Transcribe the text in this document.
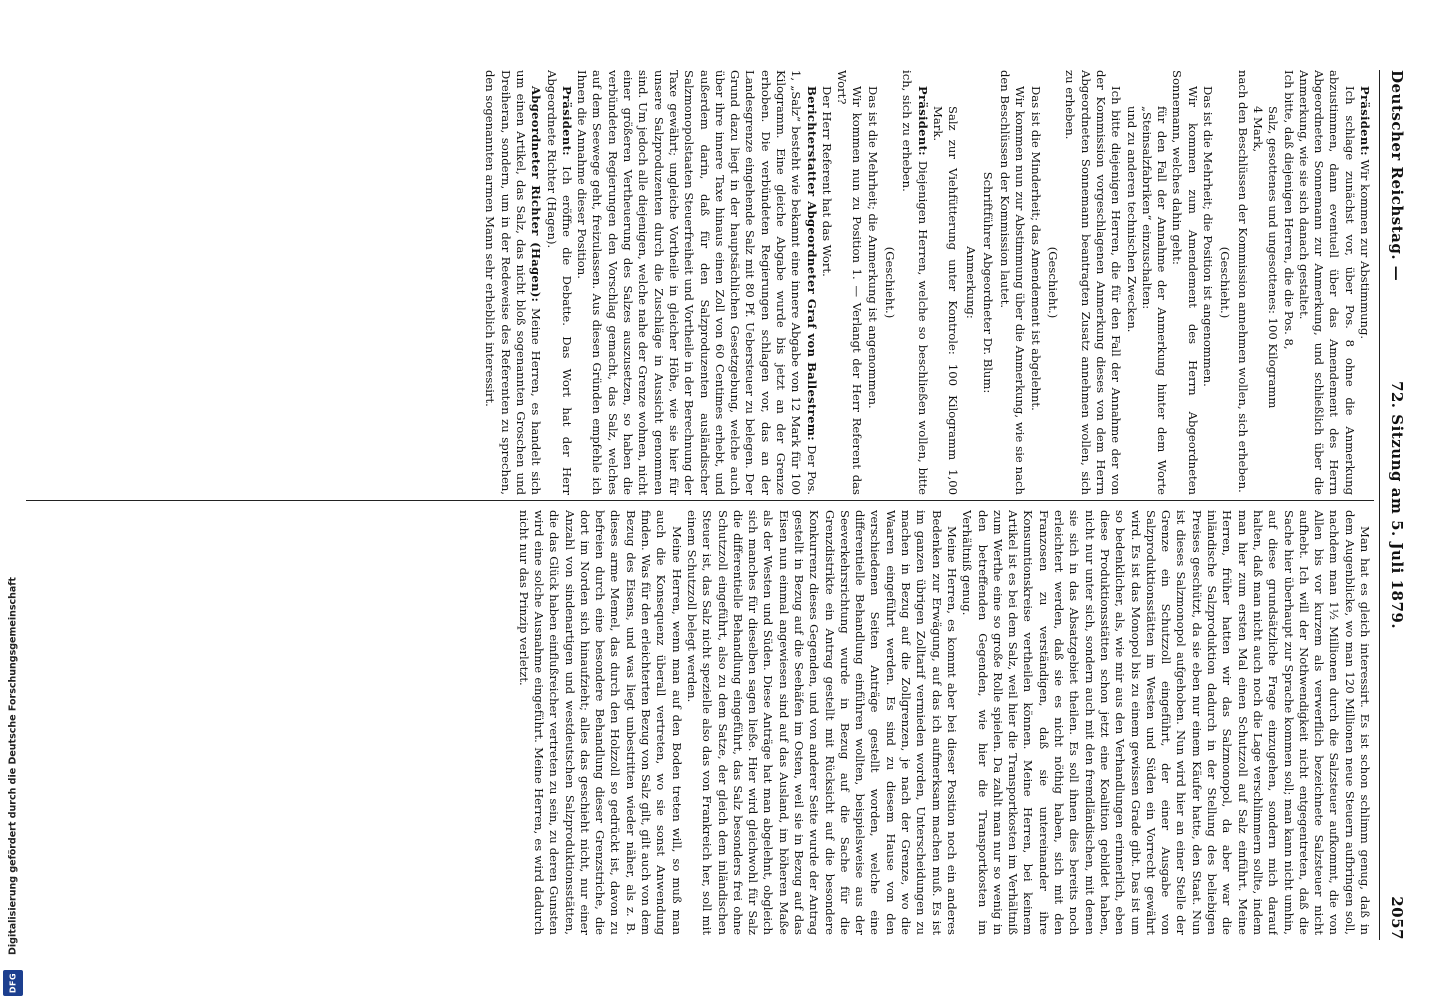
Deutscher Reichstag. —
72. Sitzung am 5. Juli 1879.
2057

Präsident: Wir kommen zur Abstimmung.

Ich schlage zunächst vor, über Pos. 8 ohne die Anmerkung abzustimmen, dann eventuell über das Amendement des Herrn Abgeordneten Sonnemann zur Anmerkung, und schließlich über die Anmerkung, wie sie sich danach gestaltet.

Ich bitte, daß diejenigen Herren, die die Pos. 8,

Salz, gesottenes und ungesottenes: 100 Kilogramm

4 Mark,

nach den Beschlüssen der Kommission annehmen wollen, sich erheben.

(Geschieht.)

Das ist die Mehrheit; die Position ist angenommen.

Wir kommen zum Amendement des Herrn Abgeordneten Sonnemann, welches dahin geht:

für den Fall der Annahme der Anmerkung hinter dem Worte „Steinsalzfabriken“ einzuschalten:

und zu anderen technischen Zwecken.

Ich bitte diejenigen Herren, die für den Fall der Annahme der von der Kommission vorgeschlagenen Anmerkung dieses von dem Herrn Abgeordneten Sonnemann beantragten Zusatz annehmen wollen, sich zu erheben.

(Geschieht.)

Das ist die Minderheit; das Amendement ist abgelehnt.

Wir kommen nun zur Abstimmung über die Anmerkung, wie sie nach den Beschlüssen der Kommission lautet.

Schriftführer Abgeordneter Dr. Blum:

Anmerkung:

Salz zur Viehfütterung unter Kontrole: 100 Kilogramm 1,00 Mark.

Präsident: Diejenigen Herren, welche so beschließen wollen, bitte ich, sich zu erheben.

(Geschieht.)

Das ist die Mehrheit; die Anmerkung ist angenommen.

Wir kommen nun zu Position 1. — Verlangt der Herr Referent das Wort?

Der Herr Referent hat das Wort.

Berichterstatter Abgeordneter Graf von Ballestrem: Der Pos. 1, „Salz“ besteht wie bekannt eine innere Abgabe von 12 Mark für 100 Kilogramm. Eine gleiche Abgabe wurde bis jetzt an der Grenze erhoben. Die verbündeten Regierungen schlagen vor, das an der Landesgrenze eingehende Salz mit 80 Pf. Uebersteuer zu belegen. Der Grund dazu liegt in der hauptsächlichen Gesetzgebung, welche auch über ihre innere Taxe hinaus einen Zoll von 60 Centimes erhebt, und außerdem darin, daß für den Salzproduzenten ausländischer Salzmonopolstaaten Steuerfreiheit und Vortheile in der Berechnung der Taxe gewährt; ungleiche Vortheile in gleicher Höhe, wie sie hier für unsere Salzproduzenten durch die Zuschläge in Aussicht genommen sind. Um jedoch alle diejenigen, welche nahe der Grenze wohnen, nicht einer größeren Vertheuerung des Salzes auszusetzen, so haben die verbündeten Regierungen den Vorschlag gemacht, das Salz, welches auf dem Seewege geht, freizulassen. Aus diesen Gründen empfehle ich Ihnen die Annahme dieser Position.

Präsident: Ich eröffne die Debatte. Das Wort hat der Herr Abgeordnete Richter (Hagen).

Abgeordneter Richter (Hagen): Meine Herren, es handelt sich um einen Artikel, das Salz, das nicht bloß sogenannten Groschen und Dreiheran, sondern, um in der Redeweise des Referenten zu sprechen, den sogenannten armen Mann sehr erheblich interessirt.

Man hat es gleich interessirt. Es ist schon schlimm genug, daß in dem Augenblicke, wo man 120 Millionen neue Steuern aufbringen soll, nachdem man 1½ Millionen durch die Salzsteuer aufkommt, die von Allen bis vor kurzem als verwerflich bezeichnete Salzsteuer nicht aufhebt. Ich will der Nothwendigkeit nicht entgegentreten, daß die Sache hier überhaupt zur Sprache kommen soll; man kann nicht umhin, auf diese grundsätzliche Frage einzugehen, sondern mich darauf halten, daß man nicht auch noch die Lage verschlimmern sollte, indem man hier zum ersten Mal einen Schutzzoll auf Salz einführt. Meine Herren, früher hatten wir das Salzmonopol, da aber war die inländische Salzproduktion dadurch in der Stellung des beliebigen Preises geschützt, da sie eben nur einem Käufer hatte, den Staat. Nun ist dieses Salzmonopol aufgehoben. Nun wird hier an einer Stelle der Grenze ein Schutzzoll eingeführt, der einer Ausgabe von Salzproduktionsstätten im Westen und Süden ein Vorrecht gewährt wird. Es ist das Monopol bis zu einem gewissen Grade gibt. Das ist um so bedenklicher, als, wie mir aus den Verhandlungen erinnerlich, eben diese Produktionsstätten schon jetzt eine Koalition gebildet haben, nicht nur unter sich, sondern auch mit den fremdländischen, mit denen sie sich in das Absatzgebiet theilen. Es soll ihnen dies bereits noch erleichtert werden, daß sie es nicht nöthig haben, sich mit den Franzosen zu verständigen, daß sie untereinander ihre Konsumtionskreise vertheilen können. Meine Herren, bei keinem Artikel ist es bei dem Salz, weil hier die Transportkosten im Verhältniß zum Werthe eine so große Rolle spielen. Da zahlt man nur so wenig in den betreffenden Gegenden, wie hier die Transportkosten im Verhältniß genug.

Meine Herren, es kommt aber bei dieser Position noch ein anderes Bedenken zur Erwägung, auf das ich aufmerksam machen muß. Es ist im ganzen übrigen Zolltarif vermieden worden, Unterscheidungen zu machen in Bezug auf die Zollgrenzen, je nach der Grenze, wo die Waaren eingeführt werden. Es sind zu diesem Hause von den verschiedenen Seiten Anträge gestellt worden, welche eine differentielle Behandlung einführen wollten, beispielsweise aus der Seeverkehrsrichtung wurde in Bezug auf die Sache für die Grenzdistrikte ein Antrag gestellt mit Rücksicht auf die besondere Konkurrenz dieses Gegenden, und von anderer Seite wurde der Antrag gestellt in Bezug auf die Seehäfen im Osten, weil sie in Bezug auf das Eisen nun einmal angewiesen sind auf das Ausland, im höheren Maße als der Westen und Süden. Diese Anträge hat man abgelehnt, obgleich sich manches für dieselben sagen ließe. Hier wird gleichwohl für Salz die differentielle Behandlung eingeführt, das Salz besonders frei ohne Schutzzoll eingeführt, also zu dem Satze, der gleich dem inländischen Steuer ist, das Salz nicht spezielle also das von Frankreich her, soll mit einem Schutzzoll belegt werden.

Meine Herren, wenn man auf den Boden treten will, so muß man auch die Konsequenz überall vertreten, wo sie sonst Anwendung finden. Was für den erleichterten Bezug von Salz gilt, gilt auch von dem Bezug des Eisens, und was liegt unbestritten wieder näher, als z. B. dieses arme Memel, das durch den Holzzoll so gedrückt ist, davon zu befreien durch eine besondere Behandlung dieser Grenzstriche, die dort im Norden sich hinaufzieht; alles das geschieht nicht, nur einer Anzahl von sindenartigen und westdeutschen Salzproduktionsstätten, die das Glück haben einflußreicher vertreten zu sein, zu deren Gunsten wird eine solche Ausnahme eingeführt. Meine Herren, es wird dadurch nicht nur das Prinzip verletzt.

Digitalisierung gefördert durch die Deutsche Forschungsgemeinschaft
DFG
